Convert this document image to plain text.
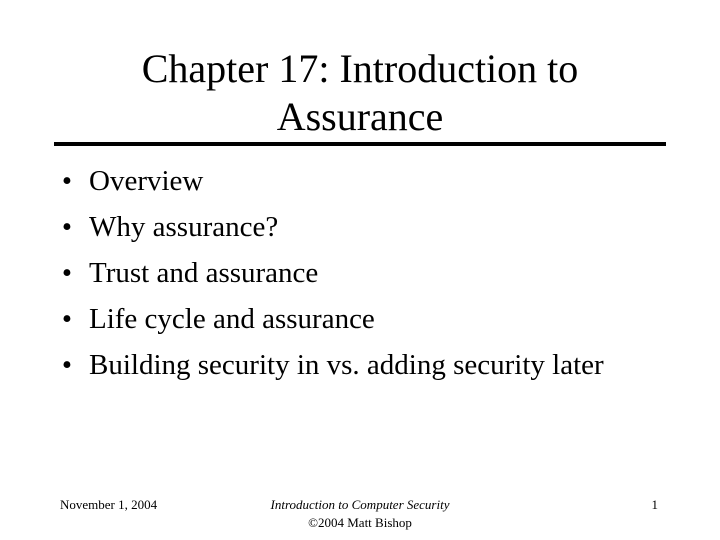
Chapter 17: Introduction to
Assurance
• Overview
• Why assurance?
• Trust and assurance
• Life cycle and assurance
• Building security in vs. adding security later
November 1, 2004	Introduction to Computer Security
©2004 Matt Bishop
1
